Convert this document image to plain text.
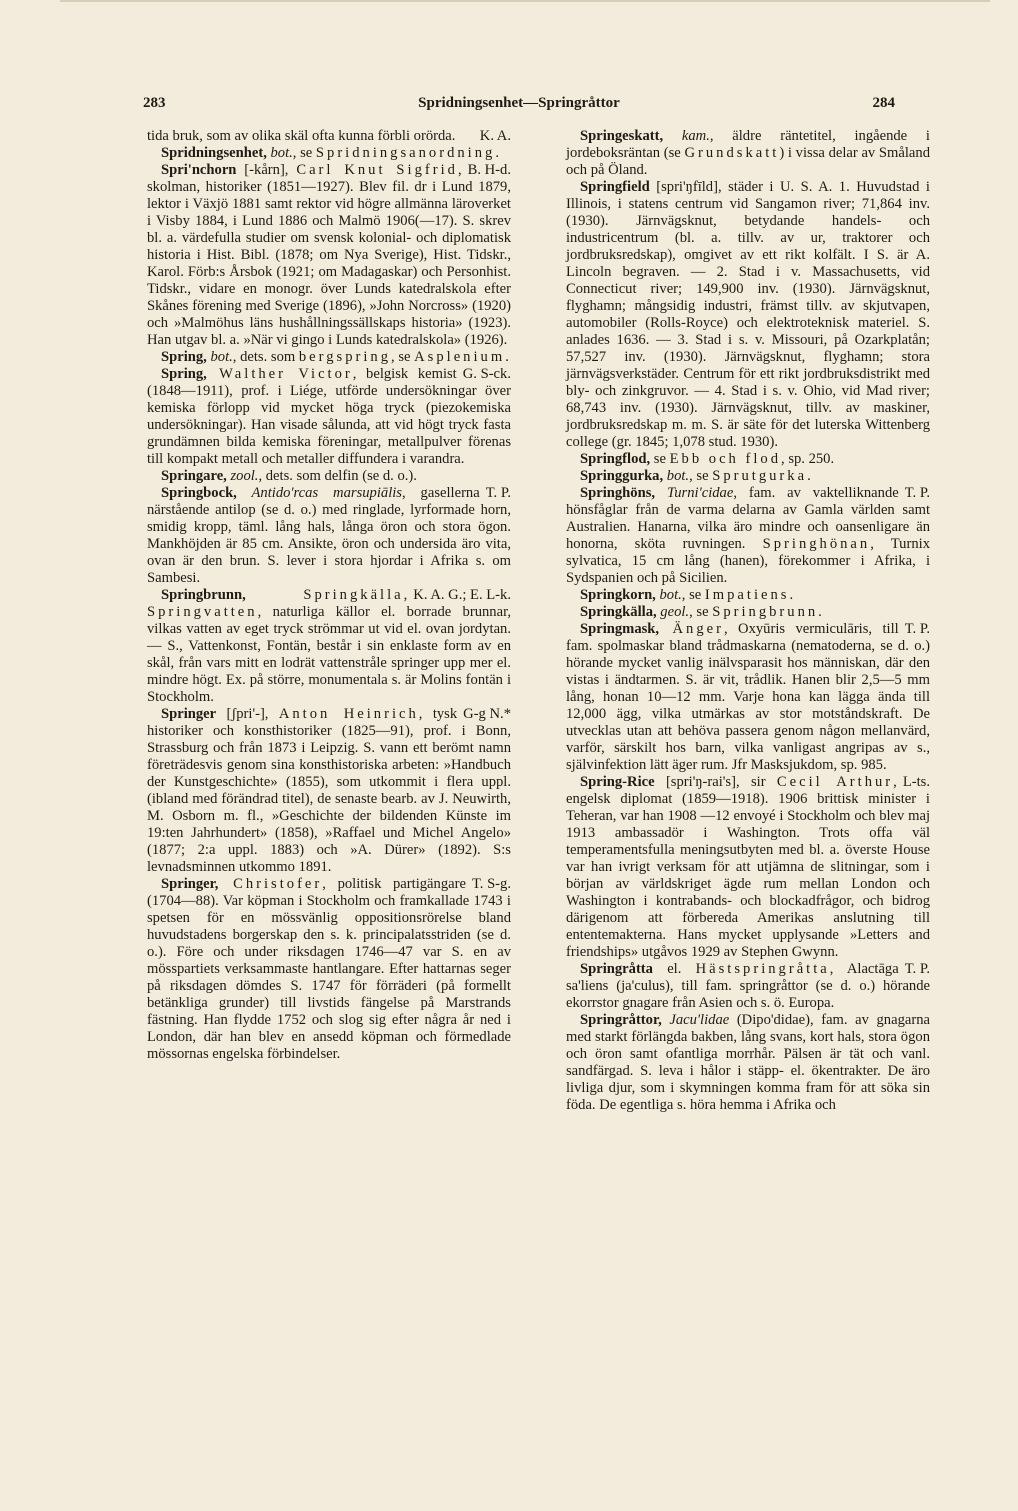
283	Spridningsenhet—Springråttor	284

K. A.
tida bruk, som av olika skäl ofta kunna förbli orörda.

Spridningsenhet, bot., se Spridningsanordning.

B. H-d.
Spri'nchorn [-kårn], Carl Knut Sigfrid, skolman, historiker (1851—1927). Blev fil. dr i Lund 1879, lektor i Växjö 1881 samt rektor vid högre allmänna läroverket i Visby 1884, i Lund 1886 och Malmö 1906(—17). S. skrev bl. a. värdefulla studier om svensk kolonial- och diplomatisk historia i Hist. Bibl. (1878; om Nya Sverige), Hist. Tidskr., Karol. Förb:s Årsbok (1921; om Madagaskar) och Personhist. Tidskr., vidare en monogr. över Lunds katedralskola efter Skånes förening med Sverige (1896), »John Norcross» (1920) och »Malmöhus läns hushållningssällskaps historia» (1923). Han utgav bl. a. »När vi gingo i Lunds katedralskola» (1926).

Spring, bot., dets. som bergspring, se Asplenium.

G. S-ck.
Spring, Walther Victor, belgisk kemist (1848—1911), prof. i Liége, utförde undersökningar över kemiska förlopp vid mycket höga tryck (piezokemiska undersökningar). Han visade sålunda, att vid högt tryck fasta grundämnen bilda kemiska föreningar, metallpulver förenas till kompakt metall och metaller diffundera i varandra.

Springare, zool., dets. som delfin (se d. o.).

T. P.
Springbock, Antido'rcas marsupiālis, gasellerna närstående antilop (se d. o.) med ringlade, lyrformade horn, smidig kropp, täml. lång hals, långa öron och stora ögon. Mankhöjden är 85 cm. Ansikte, öron och undersida äro vita, ovan är den brun. S. lever i stora hjordar i Afrika s. om Sambesi.

K. A. G.; E. L-k.
Springbrunn, Springkälla, Springvatten, naturliga källor el. borrade brunnar, vilkas vatten av eget tryck strömmar ut vid el. ovan jordytan. — S., Vattenkonst, Fontän, består i sin enklaste form av en skål, från vars mitt en lodrät vattenstråle springer upp mer el. mindre högt. Ex. på större, monumentala s. är Molins fontän i Stockholm.

G-g N.*
Springer [ʃpri'-], Anton Heinrich, tysk historiker och konsthistoriker (1825—91), prof. i Bonn, Strassburg och från 1873 i Leipzig. S. vann ett berömt namn företrädesvis genom sina konsthistoriska arbeten: »Handbuch der Kunstgeschichte» (1855), som utkommit i flera uppl. (ibland med förändrad titel), de senaste bearb. av J. Neuwirth, M. Osborn m. fl., »Geschichte der bildenden Künste im 19:ten Jahrhundert» (1858), »Raffael und Michel Angelo» (1877; 2:a uppl. 1883) och »A. Dürer» (1892). S:s levnadsminnen utkommo 1891.

T. S-g.
Springer, Christofer, politisk partigängare (1704—88). Var köpman i Stockholm och framkallade 1743 i spetsen för en mössvänlig oppositionsrörelse bland huvudstadens borgerskap den s. k. principalatsstriden (se d. o.). Före och under riksdagen 1746—47 var S. en av mösspartiets verksammaste hantlangare. Efter hattarnas seger på riksdagen dömdes S. 1747 för förräderi (på formellt betänkliga grunder) till livstids fängelse på Marstrands fästning. Han flydde 1752 och slog sig efter några år ned i London, där han blev en ansedd köpman och förmedlade mössornas engelska förbindelser.

Springeskatt, kam., äldre räntetitel, ingående i jordeboksräntan (se Grundskatt) i vissa delar av Småland och på Öland.

Springfield [spri'ŋfīld], städer i U. S. A. 1. Huvudstad i Illinois, i statens centrum vid Sangamon river; 71,864 inv. (1930). Järnvägsknut, betydande handels- och industricentrum (bl. a. tillv. av ur, traktorer och jordbruksredskap), omgivet av ett rikt kolfält. I S. är A. Lincoln begraven. — 2. Stad i v. Massachusetts, vid Connecticut river; 149,900 inv. (1930). Järnvägsknut, flyghamn; mångsidig industri, främst tillv. av skjutvapen, automobiler (Rolls-Royce) och elektroteknisk materiel. S. anlades 1636. — 3. Stad i s. v. Missouri, på Ozarkplatån; 57,527 inv. (1930). Järnvägsknut, flyghamn; stora järnvägsverkstäder. Centrum för ett rikt jordbruksdistrikt med bly- och zinkgruvor. — 4. Stad i s. v. Ohio, vid Mad river; 68,743 inv. (1930). Järnvägsknut, tillv. av maskiner, jordbruksredskap m. m. S. är säte för det luterska Wittenberg college (gr. 1845; 1,078 stud. 1930).

Springflod, se Ebb och flod, sp. 250.

Springgurka, bot., se Sprutgurka.

T. P.
Springhöns, Turni'cidae, fam. av vaktelliknande hönsfåglar från de varma delarna av Gamla världen samt Australien. Hanarna, vilka äro mindre och oansenligare än honorna, sköta ruvningen. Springhönan, Turnix sylvatica, 15 cm lång (hanen), förekommer i Afrika, i Sydspanien och på Sicilien.

Springkorn, bot., se Impatiens.

Springkälla, geol., se Springbrunn.

T. P.
Springmask, Änger, Oxyūris vermiculāris, till fam. spolmaskar bland trådmaskarna (nematoderna, se d. o.) hörande mycket vanlig inälvsparasit hos människan, där den vistas i ändtarmen. S. är vit, trådlik. Hanen blir 2,5—5 mm lång, honan 10—12 mm. Varje hona kan lägga ända till 12,000 ägg, vilka utmärkas av stor motståndskraft. De utvecklas utan att behöva passera genom någon mellanvärd, varför, särskilt hos barn, vilka vanligast angripas av s., självinfektion lätt äger rum. Jfr Masksjukdom, sp. 985.

L-ts.
Spring-Rice [spri'ŋ-rai's], sir Cecil Arthur, engelsk diplomat (1859—1918). 1906 brittisk minister i Teheran, var han 1908 —12 envoyé i Stockholm och blev maj 1913 ambassadör i Washington. Trots offa väl temperamentsfulla meningsutbyten med bl. a. överste House var han ivrigt verksam för att utjämna de slitningar, som i början av världskriget ägde rum mellan London och Washington i kontrabands- och blockadfrågor, och bidrog därigenom att förbereda Amerikas anslutning till ententemakterna. Hans mycket upplysande »Letters and friendships» utgåvos 1929 av Stephen Gwynn.

T. P.
Springråtta el. Hästspringråtta, Alactāga sa'liens (ja'culus), till fam. springråttor (se d. o.) hörande ekorrstor gnagare från Asien och s. ö. Europa.

Springråttor, Jacu'lidae (Dipo'didae), fam. av gnagarna med starkt förlängda bakben, lång svans, kort hals, stora ögon och öron samt ofantliga morrhår. Pälsen är tät och vanl. sandfärgad. S. leva i hålor i stäpp- el. ökentrakter. De äro livliga djur, som i skymningen komma fram för att söka sin föda. De egentliga s. höra hemma i Afrika och
